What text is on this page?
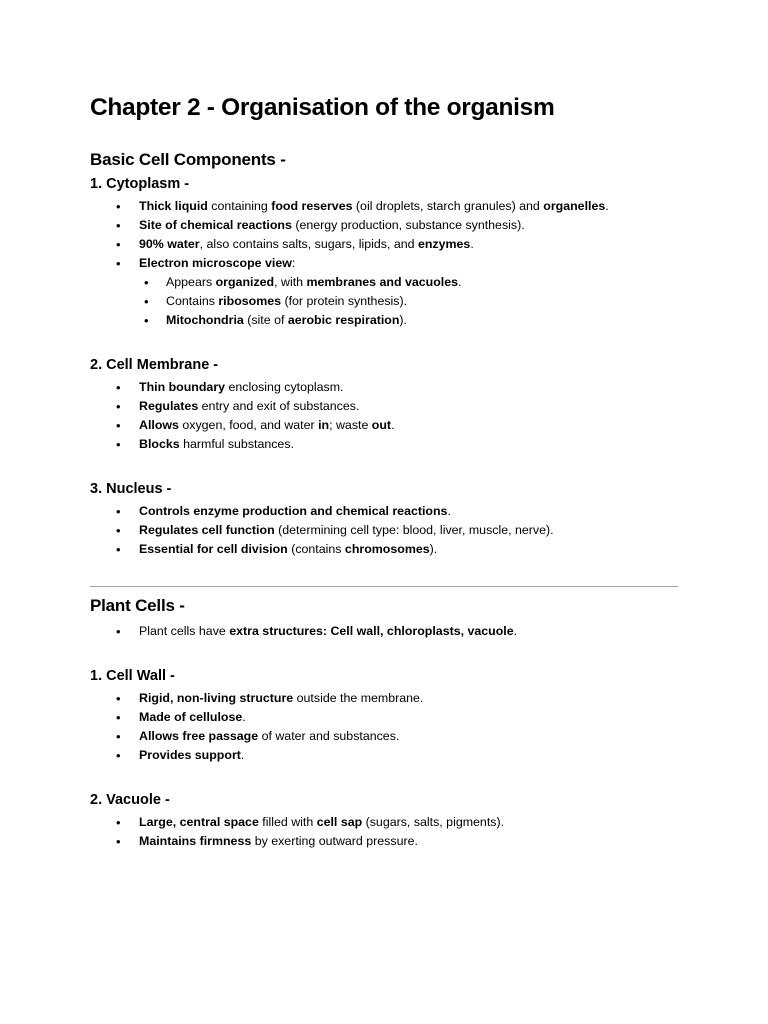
Chapter 2 - Organisation of the organism
Basic Cell Components -
1. Cytoplasm -
• Thick liquid containing food reserves (oil droplets, starch granules) and organelles.
• Site of chemical reactions (energy production, substance synthesis).
• 90% water, also contains salts, sugars, lipids, and enzymes.
• Electron microscope view:
• Appears organized, with membranes and vacuoles.
• Contains ribosomes (for protein synthesis).
• Mitochondria (site of aerobic respiration).
2. Cell Membrane -
• Thin boundary enclosing cytoplasm.
• Regulates entry and exit of substances.
• Allows oxygen, food, and water in; waste out.
• Blocks harmful substances.
3. Nucleus -
• Controls enzyme production and chemical reactions.
• Regulates cell function (determining cell type: blood, liver, muscle, nerve).
• Essential for cell division (contains chromosomes).
Plant Cells -
• Plant cells have extra structures: Cell wall, chloroplasts, vacuole.
1. Cell Wall -
• Rigid, non-living structure outside the membrane.
• Made of cellulose.
• Allows free passage of water and substances.
• Provides support.
2. Vacuole -
• Large, central space filled with cell sap (sugars, salts, pigments).
• Maintains firmness by exerting outward pressure.
